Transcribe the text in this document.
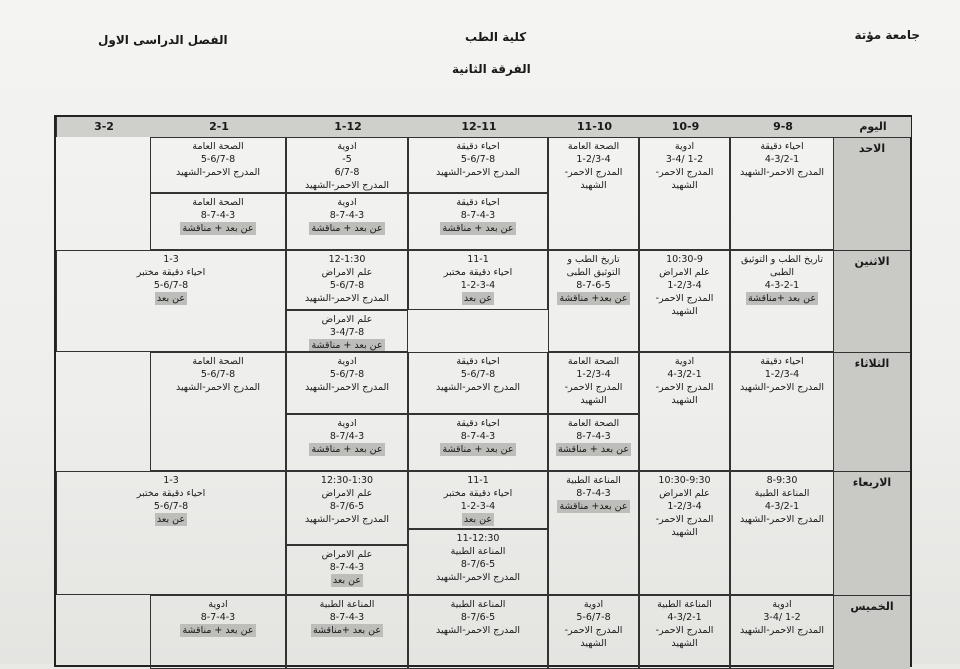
جامعة مؤتة
كلية الطب
الفصل الدراسى الاول
الفرقة الثانية
اليوم
9-8
10-9
11-10
12-11
1-12
2-1
3-2
الاحد
الاثنين
الثلاثاء
الاربعاء
الخميس
احياء دقيقة
4-3/2-1
المدرج الاحمر-الشهيد
ادوية
1-2 /3-4
المدرج الاحمر-
الشهيد
الصحة العامة
1-2/3-4
المدرج الاحمر-
الشهيد
احياء دقيقة
5-6/7-8
المدرج الاحمر-الشهيد
احياء دقيقة
8-7-4-3
عن بعد + مناقشة

ادوية
5-
6/7-8
المدرج الاحمر-الشهيد
ادوية
8-7-4-3
عن بعد + مناقشة

الصحة العامة
5-6/7-8
المدرج الاحمر-الشهيد
الصحة العامة
8-7-4-3
عن بعد + مناقشة

تاريخ الطب و التوثيق
الطبى
4-3-2-1
عن بعد +مناقشة

10:30-9
علم الامراض
1-2/3-4
المدرج الاحمر-
الشهيد
تاريخ الطب و
التوثيق الطبى
8-7-6-5
عن بعد+ مناقشة

11-1
احياء دقيقة مختبر
1-2-3-4
عن بعد

12-1:30
علم الامراض
5-6/7-8
المدرج الاحمر-الشهيد
علم الامراض
3-4/7-8
عن بعد + مناقشة

1-3
احياء دقيقة مختبر
5-6/7-8
عن بعد

احياء دقيقة
1-2/3-4
المدرج الاحمر-الشهيد
ادوية
4-3/2-1
المدرج الاحمر-
الشهيد
الصحة العامة
1-2/3-4
المدرج الاحمر-
الشهيد
الصحة العامة
8-7-4-3
عن بعد + مناقشة

احياء دقيقة
5-6/7-8
المدرج الاحمر-الشهيد
احياء دقيقة
8-7-4-3
عن بعد + مناقشة

ادوية
5-6/7-8
المدرج الاحمر-الشهيد
ادوية
8-7/4-3
عن بعد + مناقشة

الصحة العامة
5-6/7-8
المدرج الاحمر-الشهيد
8-9:30
المناعة الطبية
4-3/2-1
المدرج الاحمر-الشهيد
10:30-9:30
علم الامراض
1-2/3-4
المدرج الاحمر-
الشهيد
المناعة الطبية
8-7-4-3
عن بعد+ مناقشة

11-1
احياء دقيقة مختبر
1-2-3-4
عن بعد

11-12:30
المناعة الطبية
8-7/6-5
المدرج الاحمر-الشهيد
12:30-1:30
علم الامراض
8-7/6-5
المدرج الاحمر-الشهيد
علم الامراض
8-7-4-3
عن بعد

1-3
احياء دقيقة مختبر
5-6/7-8
عن بعد

ادوية
1-2 /3-4
المدرج الاحمر-الشهيد
المناعة الطبية
4-3/2-1
المدرج الاحمر-
الشهيد
ادوية
5-6/7-8
المدرج الاحمر-
الشهيد
المناعة الطبية
8-7/6-5
المدرج الاحمر-الشهيد
المناعة الطبية
8-7-4-3
عن بعد +مناقشة

ادوية
8-7-4-3
عن بعد + مناقشة
